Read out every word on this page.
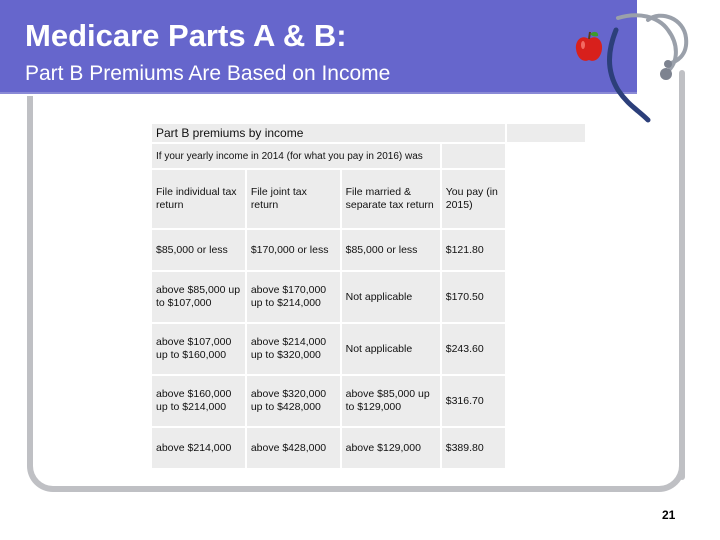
Medicare Parts A & B:
Part B Premiums Are Based on Income
Part B premiums by income				
If your yearly income in 2014 (for what you pay in 2016) was				
File individual tax return	File joint tax return	File married & separate tax return	You pay (in 2015)	
$85,000 or less	$170,000 or less	$85,000 or less	$121.80	
above $85,000 up to $107,000	above $170,000 up to $214,000	Not applicable	$170.50	
above $107,000 up to $160,000	above $214,000 up to $320,000	Not applicable	$243.60	
above $160,000 up to $214,000	above $320,000 up to $428,000	above $85,000 up to $129,000	$316.70	
above $214,000	above $428,000	above $129,000	$389.80	
21
